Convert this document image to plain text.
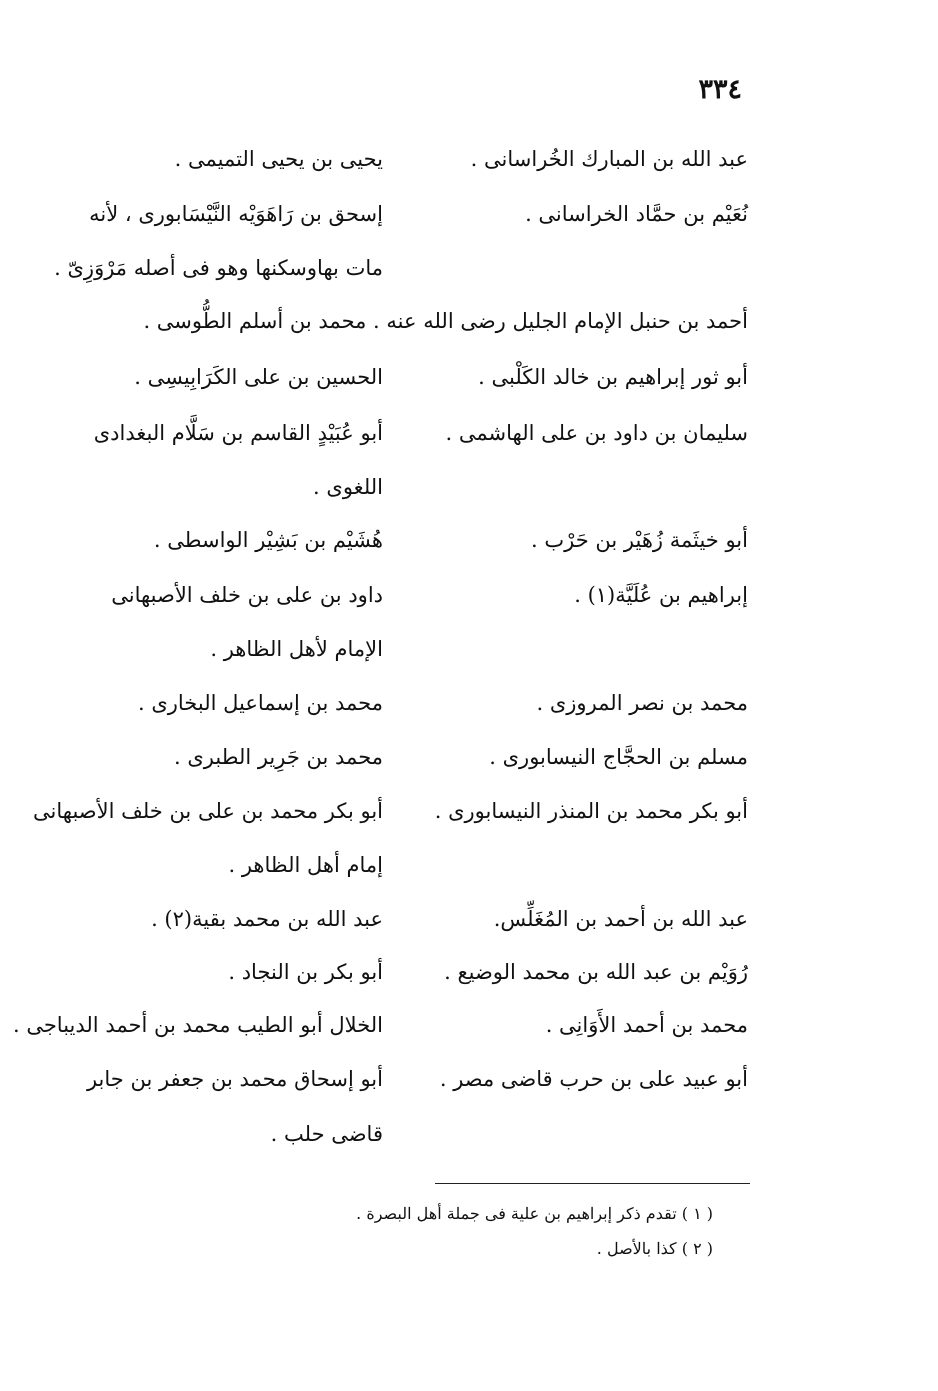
٣٣٤
عبد الله بن المبارك الخُراسانى .
يحيى بن يحيى التميمى .
نُعَيْم بن حمَّاد الخراسانى .
إسحق بن رَاهَوَيْه النَّيْسَابورى ، لأنه
مات بهاوسكنها وهو فى أصله مَرْوَزِىّ .
أحمد بن حنبل الإمام الجليل رضى الله عنه . محمد بن أسلم الطُّوسى .
أبو ثور إبراهيم بن خالد الكَلْبى .
الحسين بن على الكَرَابِيسِى .
سليمان بن داود بن على الهاشمى .
أبو عُبَيْدٍ القاسم بن سَلَّام البغدادى
اللغوى .
أبو خيثَمة زُهَيْر بن حَرْب .
هُشَيْم بن بَشِيْر الواسطى .
إبراهيم بن عُلَيَّة(١) .
داود بن على بن خلف الأصبهانى
الإمام لأهل الظاهر .
محمد بن نصر المروزى .
محمد بن إسماعيل البخارى .
مسلم بن الحجَّاج النيسابورى .
محمد بن جَرِير الطبرى .
أبو بكر محمد بن المنذر النيسابورى .
أبو بكر محمد بن على بن خلف الأصبهانى
إمام أهل الظاهر .
عبد الله بن أحمد بن المُغَلِّس.
عبد الله بن محمد بقية(٢) .
رُوَيْم بن عبد الله بن محمد الوضيع .
أبو بكر بن النجاد .
محمد بن أحمد الأَوَانِى .
الخلال أبو الطيب محمد بن أحمد الديباجى .
أبو عبيد على بن حرب قاضى مصر .
أبو إسحاق محمد بن جعفر بن جابر
قاضى حلب .
( ١ ) تقدم ذكر إبراهيم بن علية فى جملة أهل البصرة .
( ٢ ) كذا بالأصل .
